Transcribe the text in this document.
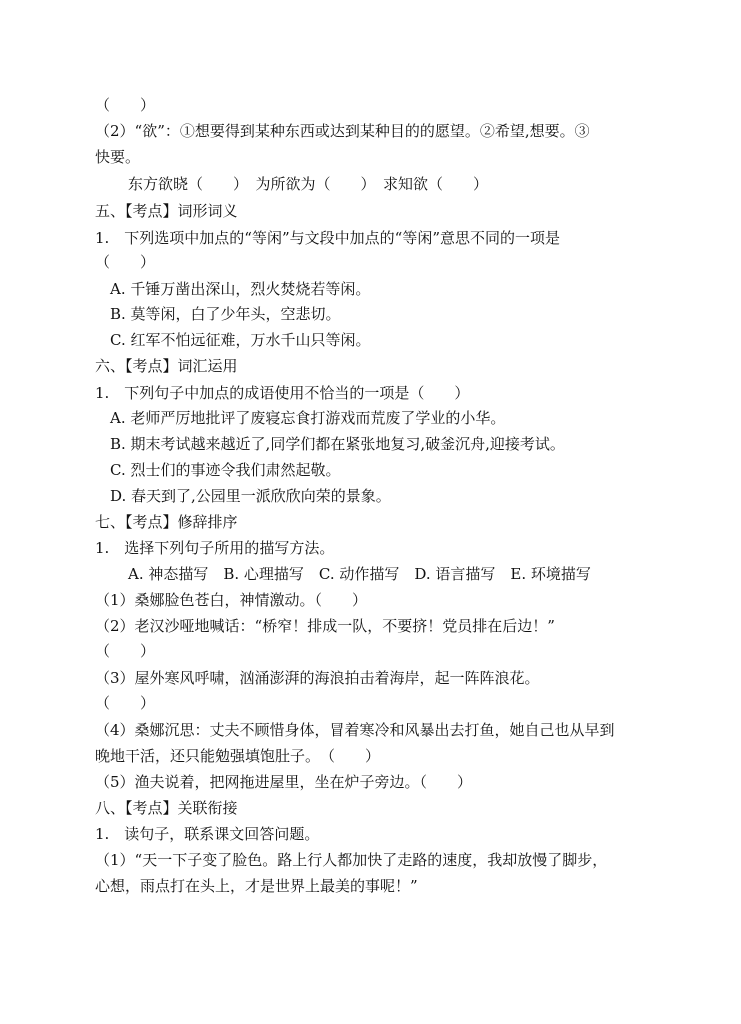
（　　）
（2）“欲”：①想要得到某种东西或达到某种目的的愿望。②希望,想要。③
快要。
东方欲晓（　　）　为所欲为（　　）　求知欲（　　）
五、【考点】词形词义
1.　下列选项中加点的“等闲”与文段中加点的“等闲”意思不同的一项是
（　　）
A. 千锤万凿出深山，烈火焚烧若等闲。
B. 莫等闲，白了少年头，空悲切。
C. 红军不怕远征难，万水千山只等闲。
六、【考点】词汇运用
1.　下列句子中加点的成语使用不恰当的一项是（　　）
A. 老师严厉地批评了废寝忘食打游戏而荒废了学业的小华。
B. 期末考试越来越近了,同学们都在紧张地复习,破釜沉舟,迎接考试。
C. 烈士们的事迹令我们肃然起敬。
D. 春天到了,公园里一派欣欣向荣的景象。
七、【考点】修辞排序
1.　选择下列句子所用的描写方法。
A. 神态描写　B. 心理描写　C. 动作描写　D. 语言描写　E. 环境描写
（1）桑娜脸色苍白，神情激动。（　　）
（2）老汉沙哑地喊话：“桥窄！排成一队，不要挤！党员排在后边！”
（　　）
（3）屋外寒风呼啸，汹涌澎湃的海浪拍击着海岸，起一阵阵浪花。
（　　）
（4）桑娜沉思：丈夫不顾惜身体，冒着寒冷和风暴出去打鱼，她自己也从早到
晚地干活，还只能勉强填饱肚子。　（　　）
（5）渔夫说着，把网拖进屋里，坐在炉子旁边。（　　）
八、【考点】关联衔接
1.　读句子，联系课文回答问题。
（1）“天一下子变了脸色。路上行人都加快了走路的速度，我却放慢了脚步，
心想，雨点打在头上，才是世界上最美的事呢！”
